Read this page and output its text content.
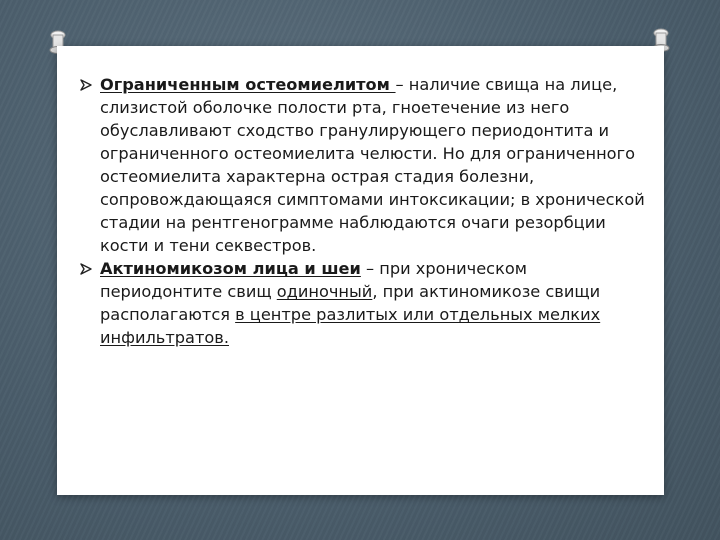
Ограниченным остеомиелитом – наличие свища на лице, слизистой оболочке полости рта, гноетечение из него обуславливают сходство гранулирующего периодонтита и ограниченного остеомиелита челюсти. Но для ограниченного остеомиелита характерна острая стадия болезни, сопровождающаяся симптомами интоксикации; в хронической стадии на рентгенограмме наблюдаются очаги резорбции кости и тени секвестров.
Актиномикозом лица и шеи – при хроническом периодонтите свищ одиночный, при актиномикозе свищи располагаются в центре разлитых или отдельных мелких инфильтратов.
